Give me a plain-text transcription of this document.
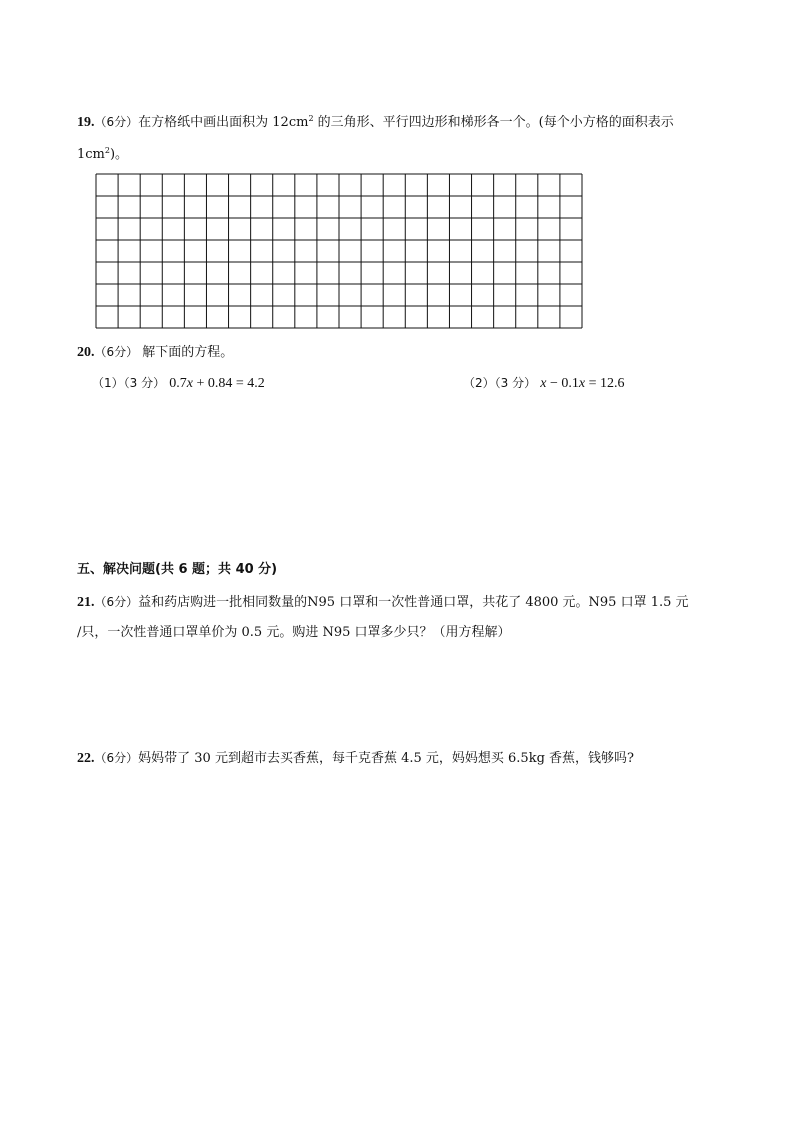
19.（6分）在方格纸中画出面积为 $12cm^2$ 的三角形、平行四边形和梯形各一个。(每个小方格的面积表示
$1cm^2$)。
20.（6分） 解下面的方程。
（1）（3 分） 0.7x + 0.84 = 4.2	（2）（3 分） x − 0.1x = 12.6
五、解决问题(共 6 题；共 40 分)
21.（6分）益和药店购进一批相同数量的N95 口罩和一次性普通口罩，共花了 4800 元。N95 口罩 1.5 元
/只，一次性普通口罩单价为 0.5 元。购进 N95 口罩多少只？（用方程解）
22.（6分）妈妈带了 30 元到超市去买香蕉，每千克香蕉 4.5 元，妈妈想买 6.5kg 香蕉，钱够吗?
